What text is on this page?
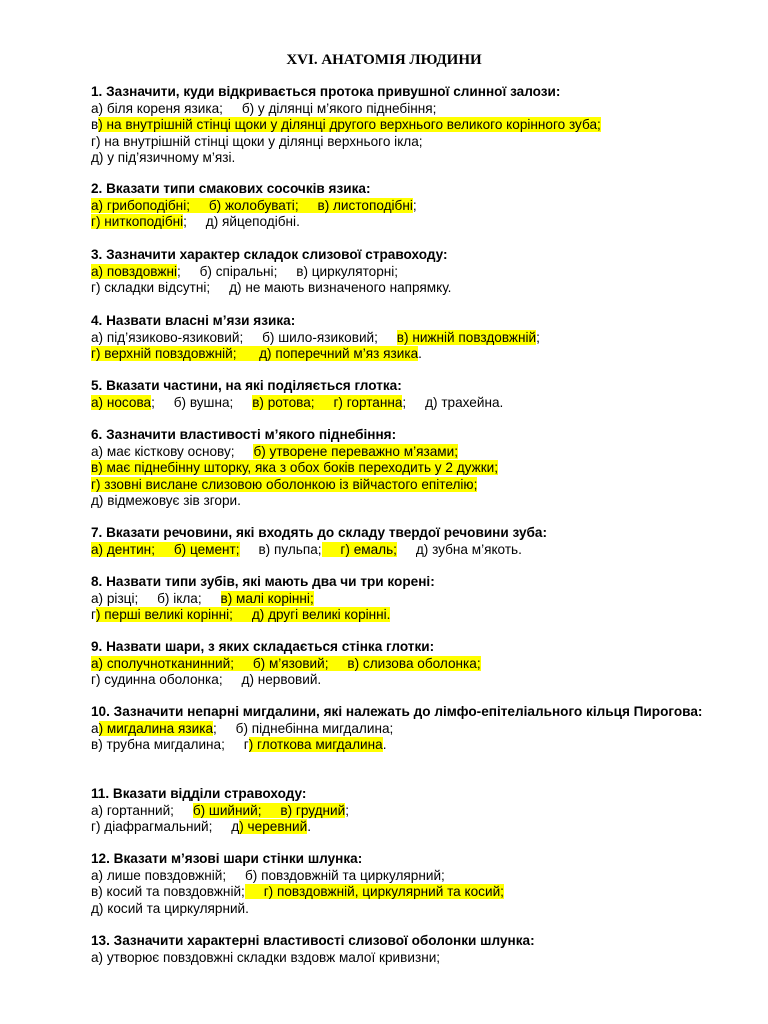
XVI. АНАТОМІЯ ЛЮДИНИ
1. Зазначити, куди відкривається протока привушної слинної залози:
а) біля кореня язика;     б) у ділянці м’якого піднебіння;
в) на внутрішній стінці щоки у ділянці другого верхнього великого корінного зуба;
г) на внутрішній стінці щоки у ділянці верхнього ікла;
д) у під’язичному м’язі.
2. Вказати типи смакових сосочків язика:
а) грибоподібні;     б) жолобуваті;     в) листоподібні;
г) ниткоподібні;     д) яйцеподібні.
3. Зазначити характер складок слизової стравоходу:
а) повздовжні;     б) спіральні;     в) циркуляторні;
г) складки відсутні;     д) не мають визначеного напрямку.
4. Назвати власні м’язи язика:
а) під’язиково-язиковий;     б) шило-язиковий;     в) нижній повздовжній;
г) верхній повздовжній;      д) поперечний м’яз язика.
5. Вказати частини, на які поділяється глотка:
а) носова;     б) вушна;     в) ротова;     г) гортанна;     д) трахейна.
6. Зазначити властивості м’якого піднебіння:
а) має кісткову основу;     б) утворене переважно м’язами;
в) має піднебінну шторку, яка з обох боків переходить у 2 дужки;
г) ззовні вислане слизовою оболонкою із війчастого епітелію;
д) відмежовує зів згори.
7. Вказати речовини, які входять до складу твердої речовини зуба:
а) дентин;     б) цемент;     в) пульпа;     г) емаль;     д) зубна м’якоть.
8. Назвати типи зубів, які мають два чи три корені:
а) різці;     б) ікла;     в) малі корінні;
г) перші великі корінні;     д) другі великі корінні.
9. Назвати шари, з яких складається стінка глотки:
а) сполучнотканинний;     б) м’язовий;     в) слизова оболонка;
г) судинна оболонка;     д) нервовий.
10. Зазначити непарні мигдалини, які належать до лімфо-епітеліального кільця Пирогова:
а) мигдалина язика;     б) піднебінна мигдалина;
в) трубна мигдалина;     г) глоткова мигдалина.
11. Вказати відділи стравоходу:
а) гортанний;     б) шийний;     в) грудний;
г) діафрагмальний;     д) черевний.
12. Вказати м’язові шари стінки шлунка:
а) лише повздовжній;     б) повздовжній та циркулярний;
в) косий та повздовжній;     г) повздовжній, циркулярний та косий;
д) косий та циркулярний.
13. Зазначити характерні властивості слизової оболонки шлунка:
а) утворює повздовжні складки вздовж малої кривизни;
